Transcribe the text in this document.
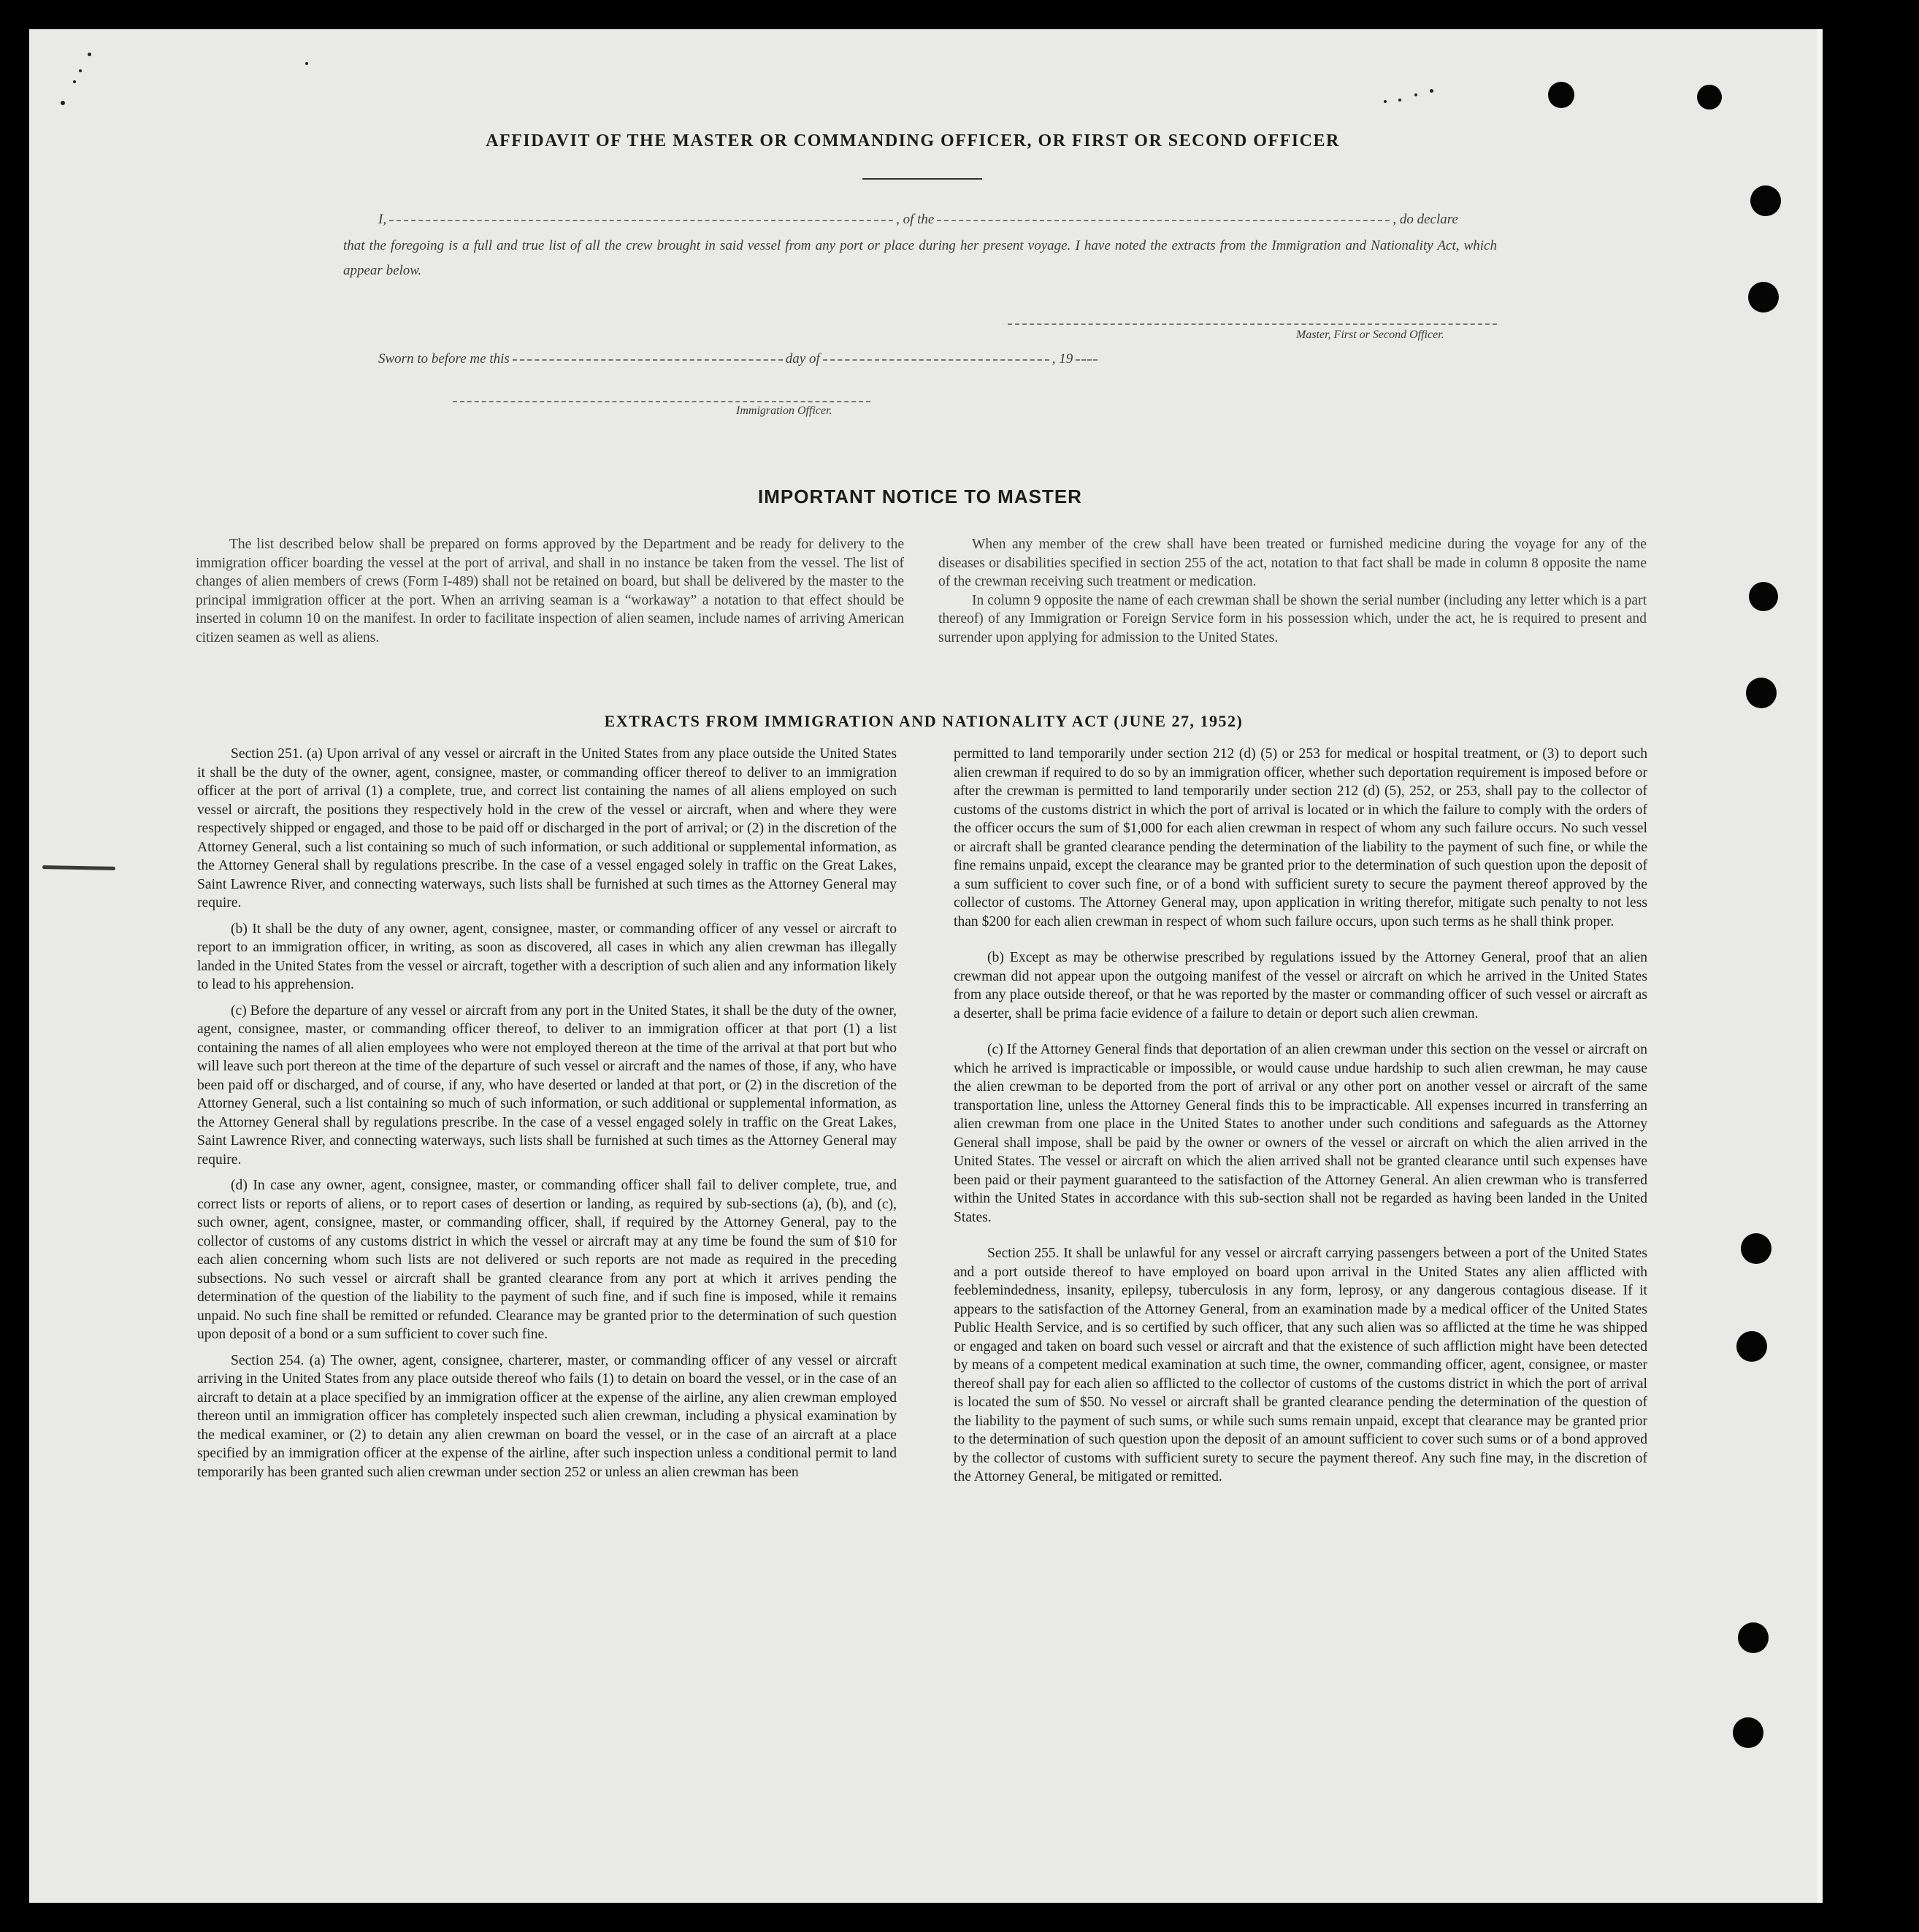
AFFIDAVIT OF THE MASTER OR COMMANDING OFFICER, OR FIRST OR SECOND OFFICER
I,	, of the	, do declare

that the foregoing is a full and true list of all the crew brought in said vessel from any port or place during her present voyage. I have noted the extracts from the Immigration and Nationality Act, which appear below.

Master, First or Second Officer.
Sworn to before me this	day of	, 19
Immigration Officer.
IMPORTANT NOTICE TO MASTER

The list described below shall be prepared on forms approved by the Department and be ready for delivery to the immigration officer boarding the vessel at the port of arrival, and shall in no instance be taken from the vessel. The list of changes of alien members of crews (Form I-489) shall not be retained on board, but shall be delivered by the master to the principal immigration officer at the port. When an arriving seaman is a “workaway” a notation to that effect should be inserted in column 10 on the manifest. In order to facilitate inspection of alien seamen, include names of arriving American citizen seamen as well as aliens.

When any member of the crew shall have been treated or furnished medicine during the voyage for any of the diseases or disabilities specified in section 255 of the act, notation to that fact shall be made in column 8 opposite the name of the crewman receiving such treatment or medication.

In column 9 opposite the name of each crewman shall be shown the serial number (including any letter which is a part thereof) of any Immigration or Foreign Service form in his possession which, under the act, he is required to present and surrender upon applying for admission to the United States.

EXTRACTS FROM IMMIGRATION AND NATIONALITY ACT (JUNE 27, 1952)

Section 251. (a) Upon arrival of any vessel or aircraft in the United States from any place outside the United States it shall be the duty of the owner, agent, consignee, master, or commanding officer thereof to deliver to an immigration officer at the port of arrival (1) a complete, true, and correct list containing the names of all aliens employed on such vessel or aircraft, the positions they respectively hold in the crew of the vessel or aircraft, when and where they were respectively shipped or engaged, and those to be paid off or discharged in the port of arrival; or (2) in the discretion of the Attorney General, such a list containing so much of such information, or such additional or supplemental information, as the Attorney General shall by regulations prescribe. In the case of a vessel engaged solely in traffic on the Great Lakes, Saint Lawrence River, and connecting waterways, such lists shall be furnished at such times as the Attorney General may require.

(b) It shall be the duty of any owner, agent, consignee, master, or commanding officer of any vessel or aircraft to report to an immigration officer, in writing, as soon as discovered, all cases in which any alien crewman has illegally landed in the United States from the vessel or aircraft, together with a description of such alien and any information likely to lead to his apprehension.

(c) Before the departure of any vessel or aircraft from any port in the United States, it shall be the duty of the owner, agent, consignee, master, or commanding officer thereof, to deliver to an immigration officer at that port (1) a list containing the names of all alien employees who were not employed thereon at the time of the arrival at that port but who will leave such port thereon at the time of the departure of such vessel or aircraft and the names of those, if any, who have been paid off or discharged, and of course, if any, who have deserted or landed at that port, or (2) in the discretion of the Attorney General, such a list containing so much of such information, or such additional or supplemental information, as the Attorney General shall by regulations prescribe. In the case of a vessel engaged solely in traffic on the Great Lakes, Saint Lawrence River, and connecting waterways, such lists shall be furnished at such times as the Attorney General may require.

(d) In case any owner, agent, consignee, master, or commanding officer shall fail to deliver complete, true, and correct lists or reports of aliens, or to report cases of desertion or landing, as required by sub-sections (a), (b), and (c), such owner, agent, consignee, master, or commanding officer, shall, if required by the Attorney General, pay to the collector of customs of any customs district in which the vessel or aircraft may at any time be found the sum of $10 for each alien concerning whom such lists are not delivered or such reports are not made as required in the preceding subsections. No such vessel or aircraft shall be granted clearance from any port at which it arrives pending the determination of the question of the liability to the payment of such fine, and if such fine is imposed, while it remains unpaid. No such fine shall be remitted or refunded. Clearance may be granted prior to the determination of such question upon deposit of a bond or a sum sufficient to cover such fine.

Section 254. (a) The owner, agent, consignee, charterer, master, or commanding officer of any vessel or aircraft arriving in the United States from any place outside thereof who fails (1) to detain on board the vessel, or in the case of an aircraft to detain at a place specified by an immigration officer at the expense of the airline, any alien crewman employed thereon until an immigration officer has completely inspected such alien crewman, including a physical examination by the medical examiner, or (2) to detain any alien crewman on board the vessel, or in the case of an aircraft at a place specified by an immigration officer at the expense of the airline, after such inspection unless a conditional permit to land temporarily has been granted such alien crewman under section 252 or unless an alien crewman has been

permitted to land temporarily under section 212 (d) (5) or 253 for medical or hospital treatment, or (3) to deport such alien crewman if required to do so by an immigration officer, whether such deportation requirement is imposed before or after the crewman is permitted to land temporarily under section 212 (d) (5), 252, or 253, shall pay to the collector of customs of the customs district in which the port of arrival is located or in which the failure to comply with the orders of the officer occurs the sum of $1,000 for each alien crewman in respect of whom any such failure occurs. No such vessel or aircraft shall be granted clearance pending the determination of the liability to the payment of such fine, or while the fine remains unpaid, except the clearance may be granted prior to the determination of such question upon the deposit of a sum sufficient to cover such fine, or of a bond with sufficient surety to secure the payment thereof approved by the collector of customs. The Attorney General may, upon application in writing therefor, mitigate such penalty to not less than $200 for each alien crewman in respect of whom such failure occurs, upon such terms as he shall think proper.

(b) Except as may be otherwise prescribed by regulations issued by the Attorney General, proof that an alien crewman did not appear upon the outgoing manifest of the vessel or aircraft on which he arrived in the United States from any place outside thereof, or that he was reported by the master or commanding officer of such vessel or aircraft as a deserter, shall be prima facie evidence of a failure to detain or deport such alien crewman.

(c) If the Attorney General finds that deportation of an alien crewman under this section on the vessel or aircraft on which he arrived is impracticable or impossible, or would cause undue hardship to such alien crewman, he may cause the alien crewman to be deported from the port of arrival or any other port on another vessel or aircraft of the same transportation line, unless the Attorney General finds this to be impracticable. All expenses incurred in transferring an alien crewman from one place in the United States to another under such conditions and safeguards as the Attorney General shall impose, shall be paid by the owner or owners of the vessel or aircraft on which the alien arrived in the United States. The vessel or aircraft on which the alien arrived shall not be granted clearance until such expenses have been paid or their payment guaranteed to the satisfaction of the Attorney General. An alien crewman who is transferred within the United States in accordance with this sub-section shall not be regarded as having been landed in the United States.

Section 255. It shall be unlawful for any vessel or aircraft carrying passengers between a port of the United States and a port outside thereof to have employed on board upon arrival in the United States any alien afflicted with feeblemindedness, insanity, epilepsy, tuberculosis in any form, leprosy, or any dangerous contagious disease. If it appears to the satisfaction of the Attorney General, from an examination made by a medical officer of the United States Public Health Service, and is so certified by such officer, that any such alien was so afflicted at the time he was shipped or engaged and taken on board such vessel or aircraft and that the existence of such affliction might have been detected by means of a competent medical examination at such time, the owner, commanding officer, agent, consignee, or master thereof shall pay for each alien so afflicted to the collector of customs of the customs district in which the port of arrival is located the sum of $50. No vessel or aircraft shall be granted clearance pending the determination of the question of the liability to the payment of such sums, or while such sums remain unpaid, except that clearance may be granted prior to the determination of such question upon the deposit of an amount sufficient to cover such sums or of a bond approved by the collector of customs with sufficient surety to secure the payment thereof. Any such fine may, in the discretion of the Attorney General, be mitigated or remitted.
